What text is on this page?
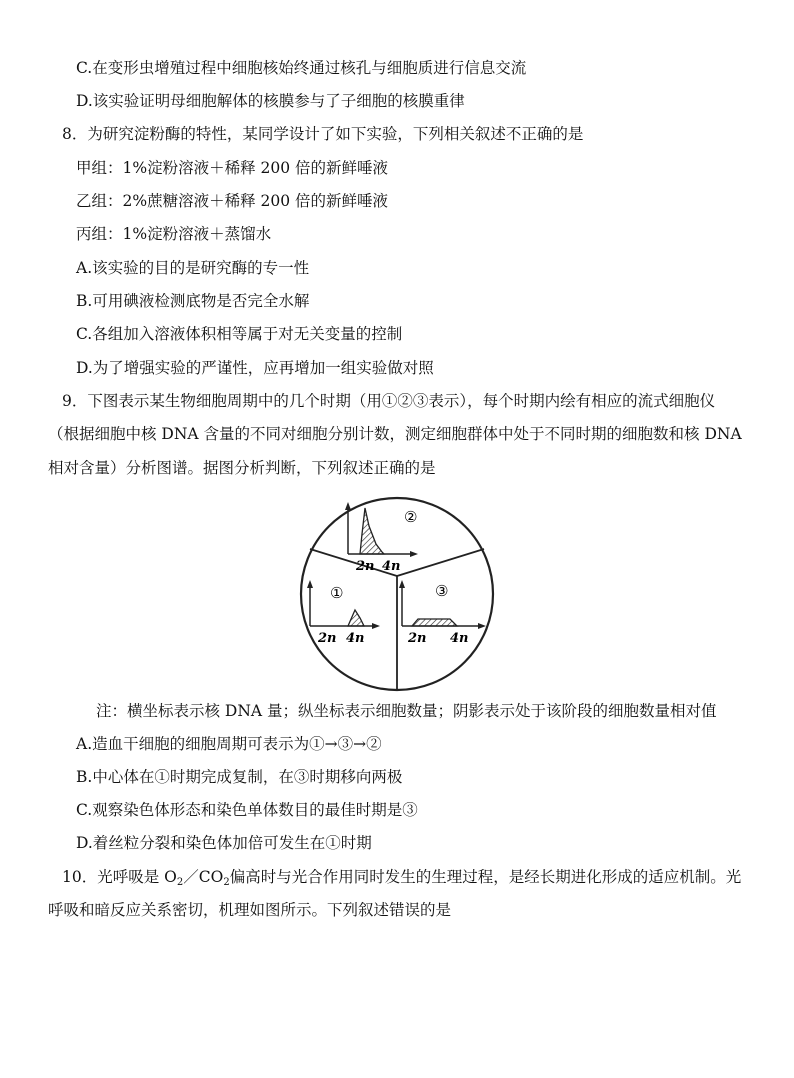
C.在变形虫增殖过程中细胞核始终通过核孔与细胞质进行信息交流
D.该实验证明母细胞解体的核膜参与了子细胞的核膜重律
8．为研究淀粉酶的特性，某同学设计了如下实验，下列相关叙述不正确的是
甲组：1%淀粉溶液＋稀释 200 倍的新鲜唾液
乙组：2%蔗糖溶液＋稀释 200 倍的新鲜唾液
丙组：1%淀粉溶液＋蒸馏水
A.该实验的目的是研究酶的专一性
B.可用碘液检测底物是否完全水解
C.各组加入溶液体积相等属于对无关变量的控制
D.为了增强实验的严谨性，应再增加一组实验做对照
9．下图表示某生物细胞周期中的几个时期（用①②③表示），每个时期内绘有相应的流式细胞仪
（根据细胞中核 DNA 含量的不同对细胞分别计数，测定细胞群体中处于不同时期的细胞数和核 DNA
相对含量）分析图谱。据图分析判断，下列叙述正确的是
2n 4n
②
2n 4n
①
2n 4n
③
注：横坐标表示核 DNA 量；纵坐标表示细胞数量；阴影表示处于该阶段的细胞数量相对值
A.造血干细胞的细胞周期可表示为①→③→②
B.中心体在①时期完成复制，在③时期移向两极
C.观察染色体形态和染色单体数目的最佳时期是③
D.着丝粒分裂和染色体加倍可发生在①时期
10．光呼吸是 $O_2/CO_2$偏高时与光合作用同时发生的生理过程，是经长期进化形成的适应机制。光
呼吸和暗反应关系密切，机理如图所示。下列叙述错误的是
